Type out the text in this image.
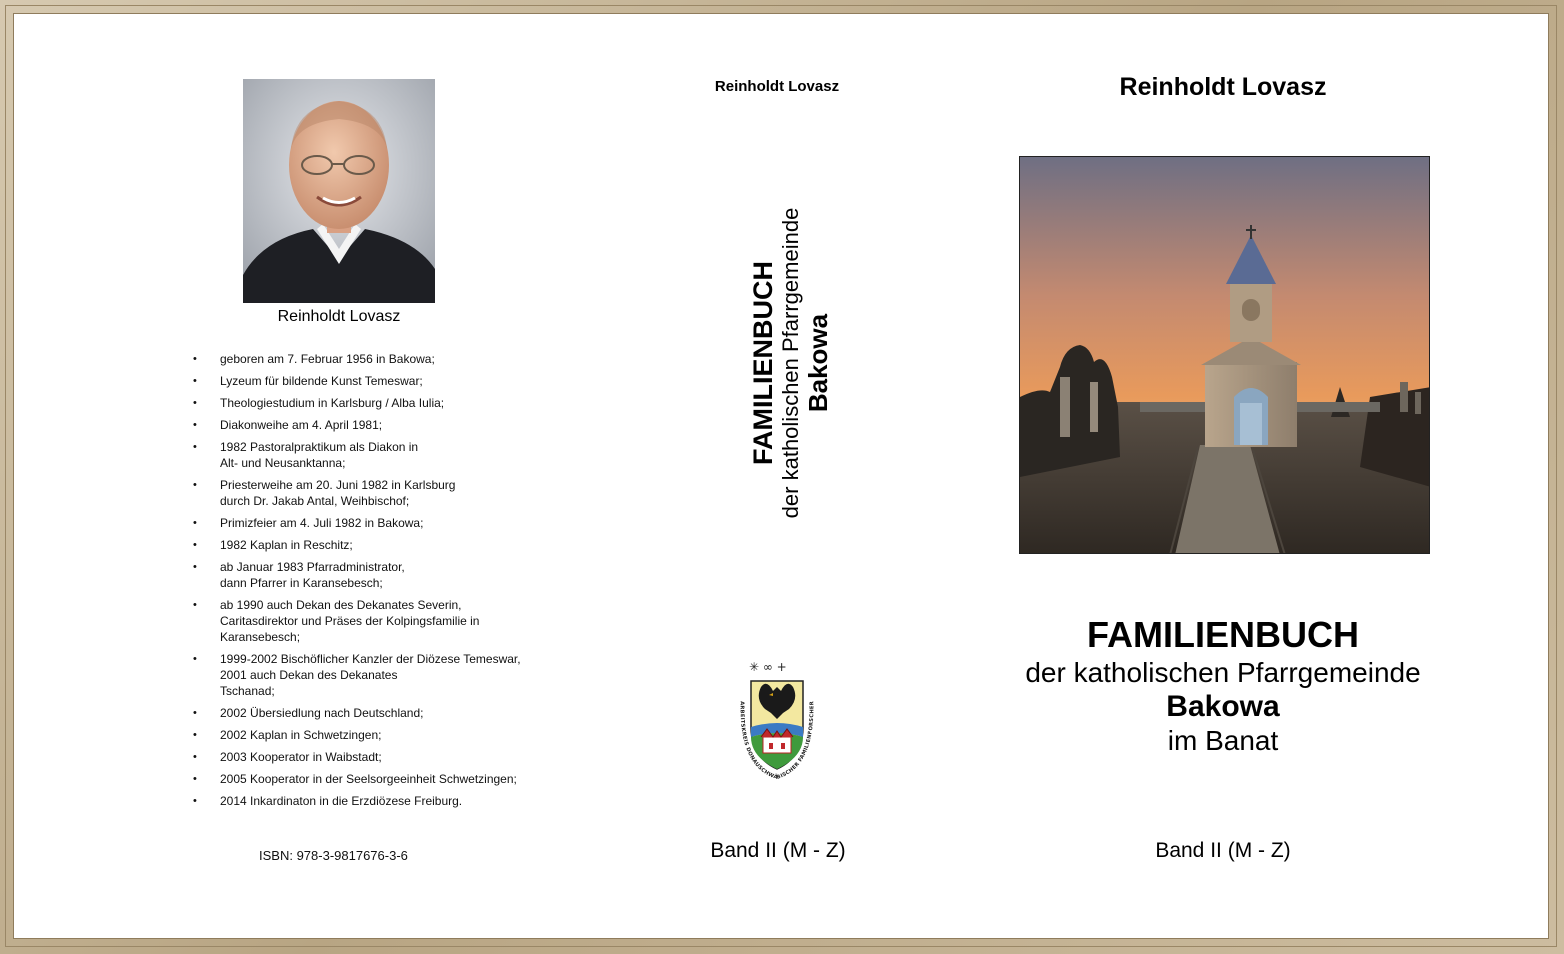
Reinholdt Lovasz
• geboren am 7. Februar 1956 in Bakowa;
• Lyzeum für bildende Kunst Temeswar;
• Theologiestudium in Karlsburg / Alba Iulia;
• Diakonweihe am 4. April 1981;
• 1982 Pastoralpraktikum als Diakon in
Alt- und Neusanktanna;
• Priesterweihe am 20. Juni 1982 in Karlsburg
durch Dr. Jakab Antal, Weihbischof;
• Primizfeier am 4. Juli 1982 in Bakowa;
• 1982 Kaplan in Reschitz;
• ab Januar 1983 Pfarradministrator,
dann Pfarrer in Karansebesch;
• ab 1990 auch Dekan des Dekanates Severin,
Caritasdirektor und Präses der Kolpingsfamilie in
Karansebesch;
• 1999-2002 Bischöflicher Kanzler der Diözese Temeswar,
2001 auch Dekan des Dekanates
Tschanad;
• 2002 Übersiedlung nach Deutschland;
• 2002 Kaplan in Schwetzingen;
• 2003 Kooperator in Waibstadt;
• 2005 Kooperator in der Seelsorgeeinheit Schwetzingen;
• 2014 Inkardinaton in die Erzdiözese Freiburg.
ISBN: 978-3-9817676-3-6
Reinholdt Lovasz
FAMILIENBUCH der katholischen Pfarrgemeinde Bakowa
✳ ∞ +
ARBEITSKREIS DONAUSCHWÄBISCHER FAMILIENFORSCHER
Band II (M - Z)
Reinholdt Lovasz
FAMILIENBUCH
der katholischen Pfarrgemeinde
Bakowa
im Banat
Band II (M - Z)
